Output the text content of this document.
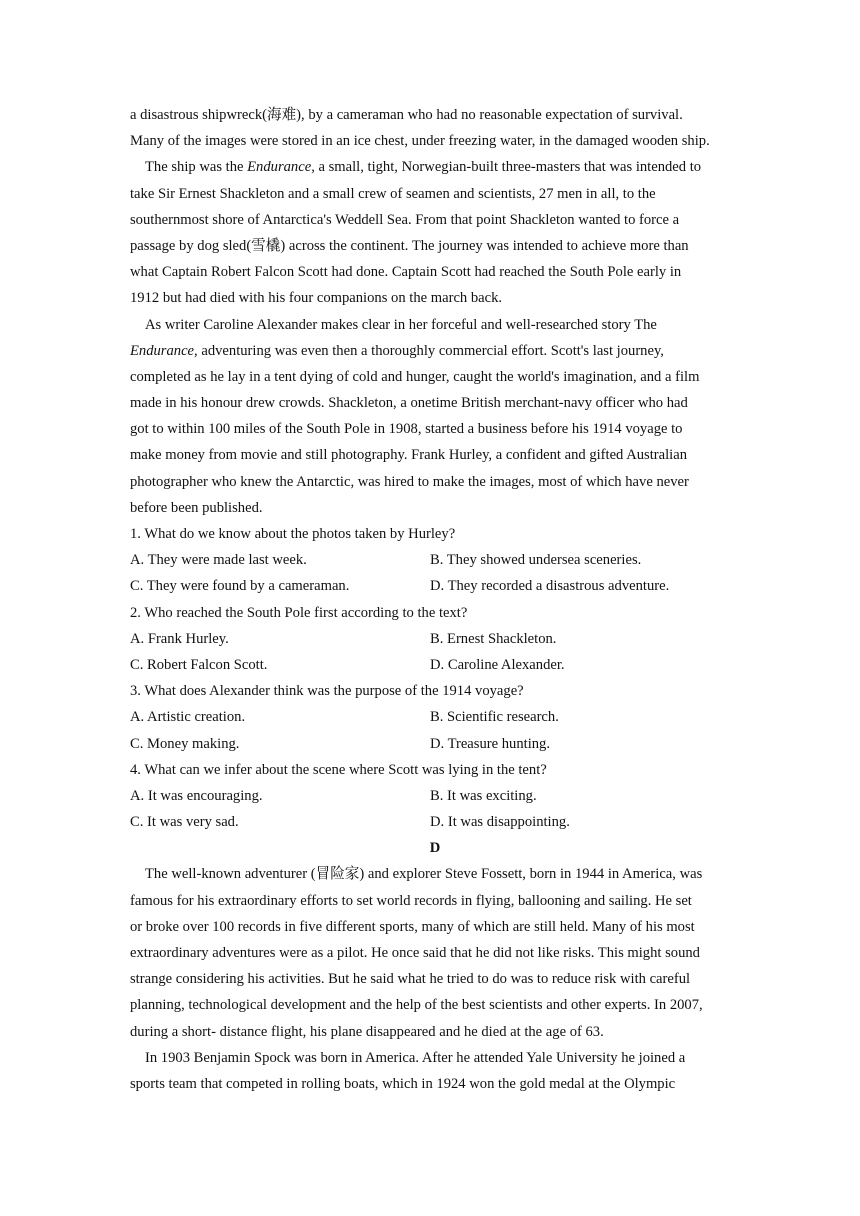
a disastrous shipwreck(海难), by a cameraman who had no reasonable expectation of survival.
Many of the images were stored in an ice chest, under freezing water, in the damaged wooden ship.
The ship was the Endurance, a small, tight, Norwegian-built three-masters that was intended to
take Sir Ernest Shackleton and a small crew of seamen and scientists, 27 men in all, to the
southernmost shore of Antarctica's Weddell Sea. From that point Shackleton wanted to force a
passage by dog sled(雪橇) across the continent. The journey was intended to achieve more than
what Captain Robert Falcon Scott had done. Captain Scott had reached the South Pole early in
1912 but had died with his four companions on the march back.
As writer Caroline Alexander makes clear in her forceful and well-researched story The
Endurance, adventuring was even then a thoroughly commercial effort. Scott's last journey,
completed as he lay in a tent dying of cold and hunger, caught the world's imagination, and a film
made in his honour drew crowds. Shackleton, a onetime British merchant-navy officer who had
got to within 100 miles of the South Pole in 1908, started a business before his 1914 voyage to
make money from movie and still photography. Frank Hurley, a confident and gifted Australian
photographer who knew the Antarctic, was hired to make the images, most of which have never
before been published.
1. What do we know about the photos taken by Hurley?
A. They were made last week.	B. They showed undersea sceneries.
C. They were found by a cameraman.	D. They recorded a disastrous adventure.
2. Who reached the South Pole first according to the text?
A. Frank Hurley.	B. Ernest Shackleton.
C. Robert Falcon Scott.	D. Caroline Alexander.
3. What does Alexander think was the purpose of the 1914 voyage?
A. Artistic creation.	B. Scientific research.
C. Money making.	D. Treasure hunting.
4. What can we infer about the scene where Scott was lying in the tent?
A. It was encouraging.	B. It was exciting.
C. It was very sad.	D. It was disappointing.
D
The well-known adventurer (冒险家) and explorer Steve Fossett, born in 1944 in America, was
famous for his extraordinary efforts to set world records in flying, ballooning and sailing. He set
or broke over 100 records in five different sports, many of which are still held. Many of his most
extraordinary adventures were as a pilot. He once said that he did not like risks. This might sound
strange considering his activities. But he said what he tried to do was to reduce risk with careful
planning, technological development and the help of the best scientists and other experts. In 2007,
during a short- distance flight, his plane disappeared and he died at the age of 63.
In 1903 Benjamin Spock was born in America. After he attended Yale University he joined a
sports team that competed in rolling boats, which in 1924 won the gold medal at the Olympic
